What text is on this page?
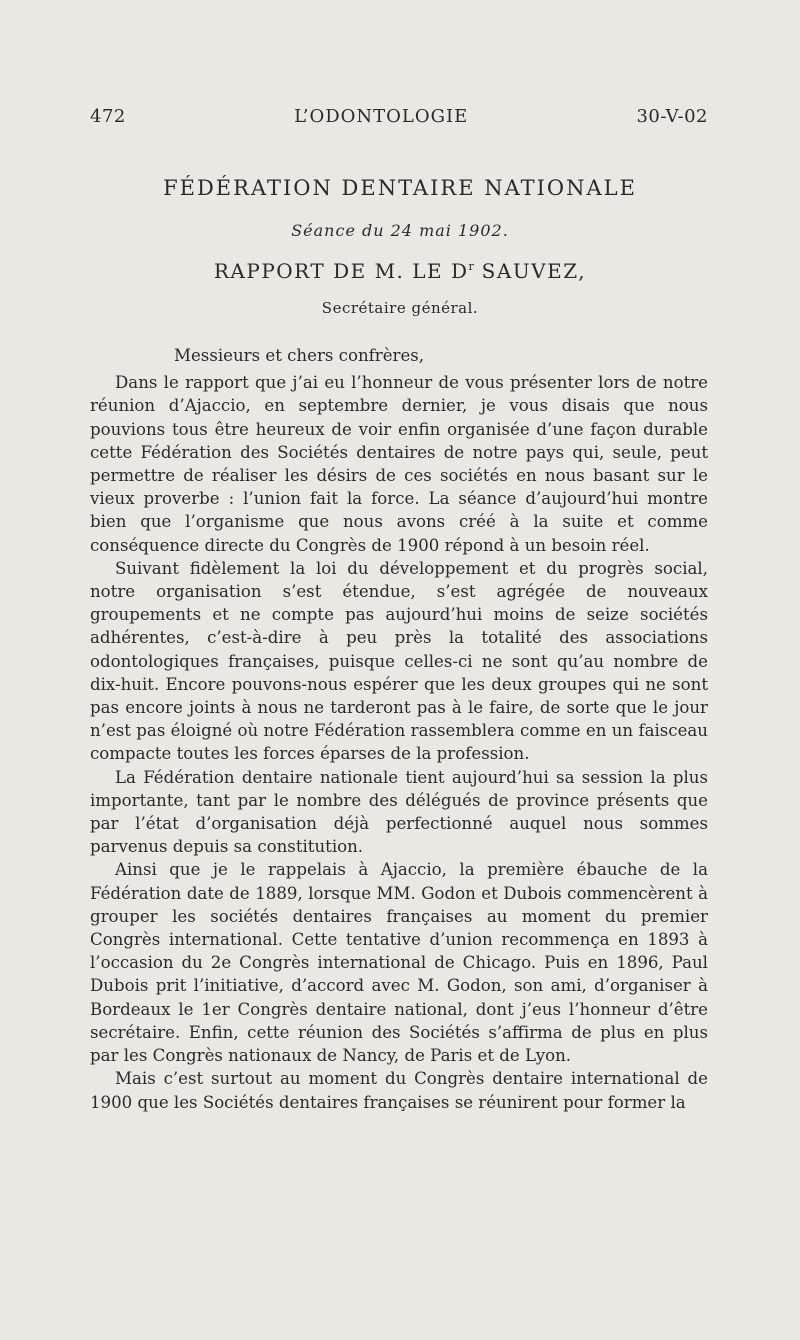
472	L’ODONTOLOGIE	30-V-02
FÉDÉRATION DENTAIRE NATIONALE
Séance du 24 mai 1902.
RAPPORT DE M. LE $D^r$ SAUVEZ,
Secrétaire général.

Messieurs et chers confrères,

Dans le rapport que j’ai eu l’honneur de vous présenter lors de notre réunion d’Ajaccio, en septembre dernier, je vous disais que nous pouvions tous être heureux de voir enfin organisée d’une façon durable cette Fédération des Sociétés dentaires de notre pays qui, seule, peut permettre de réaliser les désirs de ces sociétés en nous basant sur le vieux proverbe : l’union fait la force. La séance d’aujourd’hui montre bien que l’organisme que nous avons créé à la suite et comme conséquence directe du Congrès de 1900 répond à un besoin réel.

Suivant fidèlement la loi du développement et du progrès social, notre organisation s’est étendue, s’est agrégée de nouveaux groupements et ne compte pas aujourd’hui moins de seize sociétés adhérentes, c’est-à-dire à peu près la totalité des associations odontologiques françaises, puisque celles-ci ne sont qu’au nombre de dix-huit. Encore pouvons-nous espérer que les deux groupes qui ne sont pas encore joints à nous ne tarderont pas à le faire, de sorte que le jour n’est pas éloigné où notre Fédération rassemblera comme en un faisceau compacte toutes les forces éparses de la profession.

La Fédération dentaire nationale tient aujourd’hui sa session la plus importante, tant par le nombre des délégués de province présents que par l’état d’organisation déjà perfectionné auquel nous sommes parvenus depuis sa constitution.

Ainsi que je le rappelais à Ajaccio, la première ébauche de la Fédération date de 1889, lorsque MM. Godon et Dubois commencèrent à grouper les sociétés dentaires françaises au moment du premier Congrès international. Cette tentative d’union recommença en 1893 à l’occasion du 2e Congrès international de Chicago. Puis en 1896, Paul Dubois prit l’initiative, d’accord avec M. Godon, son ami, d’organiser à Bordeaux le 1er Congrès dentaire national, dont j’eus l’honneur d’être secrétaire. Enfin, cette réunion des Sociétés s’affirma de plus en plus par les Congrès nationaux de Nancy, de Paris et de Lyon.

Mais c’est surtout au moment du Congrès dentaire international de 1900 que les Sociétés dentaires françaises se réunirent pour former la
